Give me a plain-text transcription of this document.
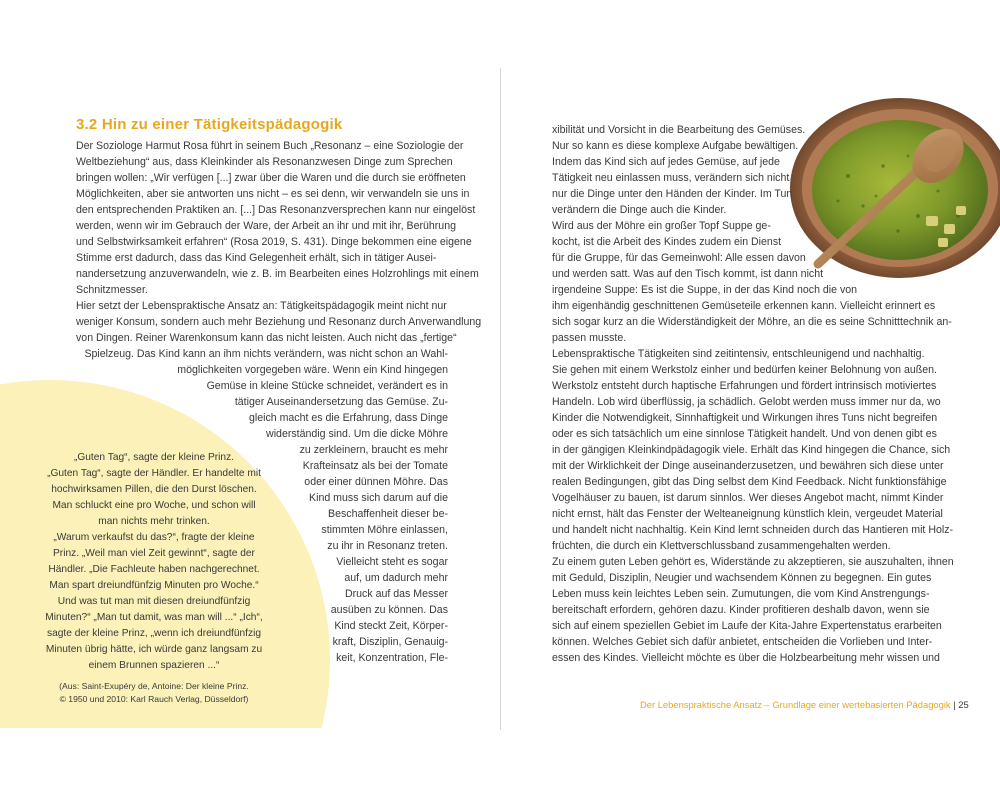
3.2 Hin zu einer Tätigkeitspädagogik
Der Soziologe Harmut Rosa führt in seinem Buch „Resonanz – eine Soziologie der
Weltbeziehung“ aus, dass Kleinkinder als Resonanzwesen Dinge zum Sprechen
bringen wollen: „Wir verfügen [...] zwar über die Waren und die durch sie eröffneten
Möglichkeiten, aber sie antworten uns nicht – es sei denn, wir verwandeln sie uns in
den entsprechenden Praktiken an. [...] Das Resonanzversprechen kann nur eingelöst
werden, wenn wir im Gebrauch der Ware, der Arbeit an ihr und mit ihr, Berührung
und Selbstwirksamkeit erfahren“ (Rosa 2019, S. 431). Dinge bekommen eine eigene
Stimme erst dadurch, dass das Kind Gelegenheit erhält, sich in tätiger Ausei-
nandersetzung anzuverwandeln, wie z. B. im Bearbeiten eines Holzrohlings mit einem
Schnitzmesser.
Hier setzt der Lebenspraktische Ansatz an: Tätigkeitspädagogik meint nicht nur
weniger Konsum, sondern auch mehr Beziehung und Resonanz durch Anverwandlung
von Dingen. Reiner Warenkonsum kann das nicht leisten. Auch nicht das „fertige“
Spielzeug. Das Kind kann an ihm nichts verändern, was nicht schon an Wahl-
möglichkeiten vorgegeben wäre. Wenn ein Kind hingegen
Gemüse in kleine Stücke schneidet, verändert es in
tätiger Auseinandersetzung das Gemüse. Zu-
gleich macht es die Erfahrung, dass Dinge
widerständig sind. Um die dicke Möhre
zu zerkleinern, braucht es mehr
Krafteinsatz als bei der Tomate
oder einer dünnen Möhre. Das
Kind muss sich darum auf die
Beschaffenheit dieser be-
stimmten Möhre einlassen,
zu ihr in Resonanz treten.
Vielleicht steht es sogar
auf, um dadurch mehr
Druck auf das Messer
ausüben zu können. Das
Kind steckt Zeit, Körper-
kraft, Disziplin, Genauig-
keit, Konzentration, Fle-
„Guten Tag“, sagte der kleine Prinz.
„Guten Tag“, sagte der Händler. Er handelte mit
hochwirksamen Pillen, die den Durst löschen.
Man schluckt eine pro Woche, und schon will
man nichts mehr trinken.
„Warum verkaufst du das?“, fragte der kleine
Prinz. „Weil man viel Zeit gewinnt“, sagte der
Händler. „Die Fachleute haben nachgerechnet.
Man spart dreiundfünfzig Minuten pro Woche.“
Und was tut man mit diesen dreiundfünfzig
Minuten?“ „Man tut damit, was man will ...“ „Ich“,
sagte der kleine Prinz, „wenn ich dreiundfünfzig
Minuten übrig hätte, ich würde ganz langsam zu
einem Brunnen spazieren ...“
(Aus: Saint-Exupéry de, Antoine: Der kleine Prinz.
© 1950 und 2010: Karl Rauch Verlag, Düsseldorf)
xibilität und Vorsicht in die Bearbeitung des Gemüses.
Nur so kann es diese komplexe Aufgabe bewältigen.
Indem das Kind sich auf jedes Gemüse, auf jede
Tätigkeit neu einlassen muss, verändern sich nicht
nur die Dinge unter den Händen der Kinder. Im Tun
verändern die Dinge auch die Kinder.
Wird aus der Möhre ein großer Topf Suppe ge-
kocht, ist die Arbeit des Kindes zudem ein Dienst
für die Gruppe, für das Gemeinwohl: Alle essen davon
und werden satt. Was auf den Tisch kommt, ist dann nicht
irgendeine Suppe: Es ist die Suppe, in der das Kind noch die von
ihm eigenhändig geschnittenen Gemüseteile erkennen kann. Vielleicht erinnert es
sich sogar kurz an die Widerständigkeit der Möhre, an die es seine Schnitttechnik an-
passen musste.
Lebenspraktische Tätigkeiten sind zeitintensiv, entschleunigend und nachhaltig.
Sie gehen mit einem Werkstolz einher und bedürfen keiner Belohnung von außen.
Werkstolz entsteht durch haptische Erfahrungen und fördert intrinsisch motiviertes
Handeln. Lob wird überflüssig, ja schädlich. Gelobt werden muss immer nur da, wo
Kinder die Notwendigkeit, Sinnhaftigkeit und Wirkungen ihres Tuns nicht begreifen
oder es sich tatsächlich um eine sinnlose Tätigkeit handelt. Und von denen gibt es
in der gängigen Kleinkindpädagogik viele. Erhält das Kind hingegen die Chance, sich
mit der Wirklichkeit der Dinge auseinanderzusetzen, und bewähren sich diese unter
realen Bedingungen, gibt das Ding selbst dem Kind Feedback. Nicht funktionsfähige
Vogelhäuser zu bauen, ist darum sinnlos. Wer dieses Angebot macht, nimmt Kinder
nicht ernst, hält das Fenster der Welteaneignung künstlich klein, vergeudet Material
und handelt nicht nachhaltig. Kein Kind lernt schneiden durch das Hantieren mit Holz-
früchten, die durch ein Klettverschlussband zusammengehalten werden.
Zu einem guten Leben gehört es, Widerstände zu akzeptieren, sie auszuhalten, ihnen
mit Geduld, Disziplin, Neugier und wachsendem Können zu begegnen. Ein gutes
Leben muss kein leichtes Leben sein. Zumutungen, die vom Kind Anstrengungs-
bereitschaft erfordern, gehören dazu. Kinder profitieren deshalb davon, wenn sie
sich auf einem speziellen Gebiet im Laufe der Kita-Jahre Expertenstatus erarbeiten
können. Welches Gebiet sich dafür anbietet, entscheiden die Vorlieben und Inter-
essen des Kindes. Vielleicht möchte es über die Holzbearbeitung mehr wissen und
Der Lebenspraktische Ansatz – Grundlage einer wertebasierten Pädagogik | 25
